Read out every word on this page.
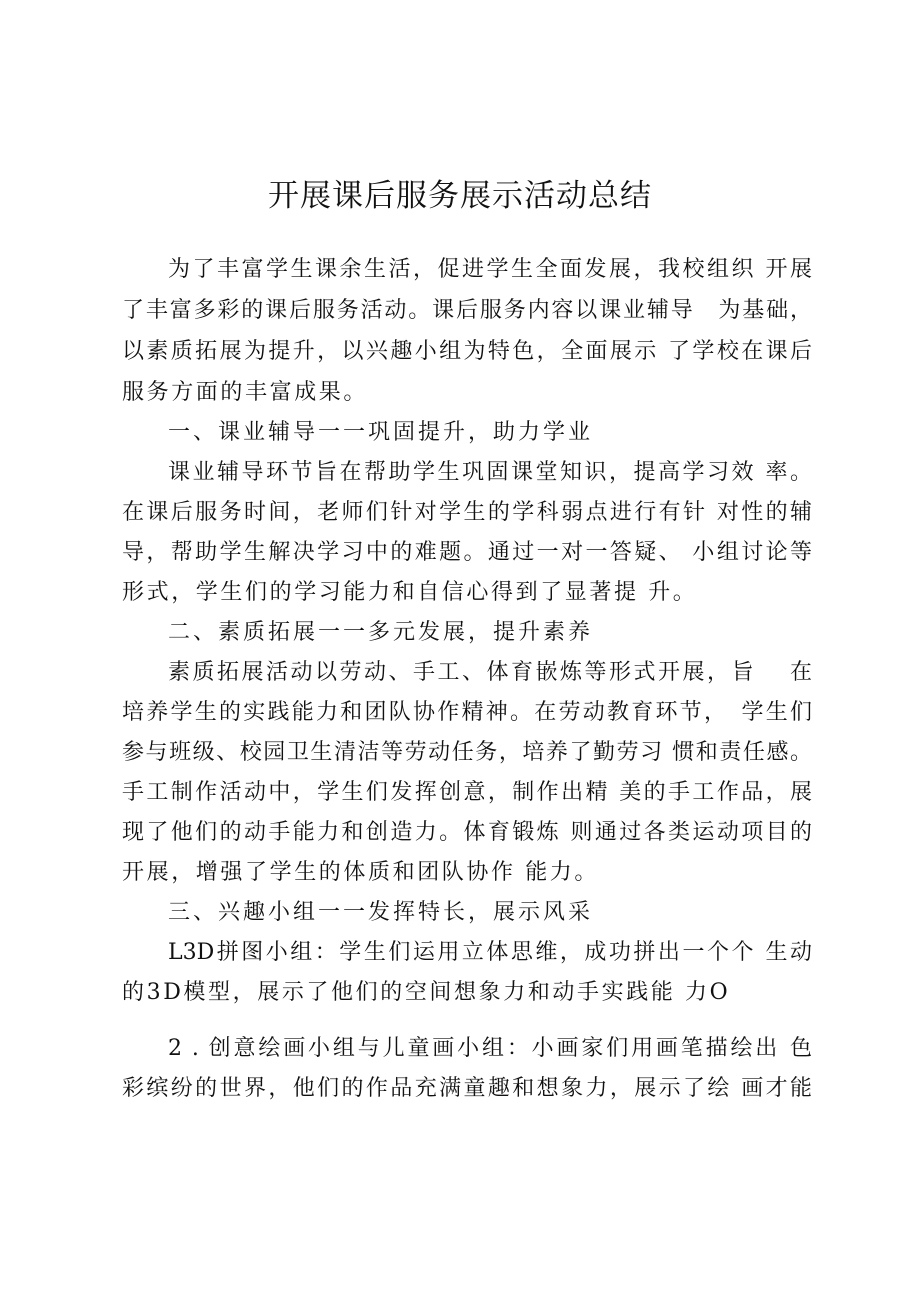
开展课后服务展示活动总结
为了丰富学生课余生活，促进学生全面发展，我校组织 开展
了丰富多彩的课后服务活动。课后服务内容以课业辅导　为基础，
以素质拓展为提升，以兴趣小组为特色，全面展示 了学校在课后
服务方面的丰富成果。
一、课业辅导一一巩固提升，助力学业
课业辅导环节旨在帮助学生巩固课堂知识，提高学习效 率。
在课后服务时间，老师们针对学生的学科弱点进行有针 对性的辅
导，帮助学生解决学习中的难题。通过一对一答疑、 小组讨论等
形式，学生们的学习能力和自信心得到了显著提 升。
二、素质拓展一一多元发展，提升素养
素质拓展活动以劳动、手工、体育嵌炼等形式开展，旨　 在
培养学生的实践能力和团队协作精神。在劳动教育环节，　学生们
参与班级、校园卫生清洁等劳动任务，培养了勤劳习 惯和责任感。
手工制作活动中，学生们发挥创意，制作出精 美的手工作品，展
现了他们的动手能力和创造力。体育锻炼 则通过各类运动项目的
开展，增强了学生的体质和团队协作 能力。
三、兴趣小组一一发挥特长，展示风采
L3D拼图小组：学生们运用立体思维，成功拼出一个个 生动
的3D模型，展示了他们的空间想象力和动手实践能 力O
2 . 创意绘画小组与儿童画小组：小画家们用画笔描绘出 色
彩缤纷的世界，他们的作品充满童趣和想象力，展示了绘 画才能
